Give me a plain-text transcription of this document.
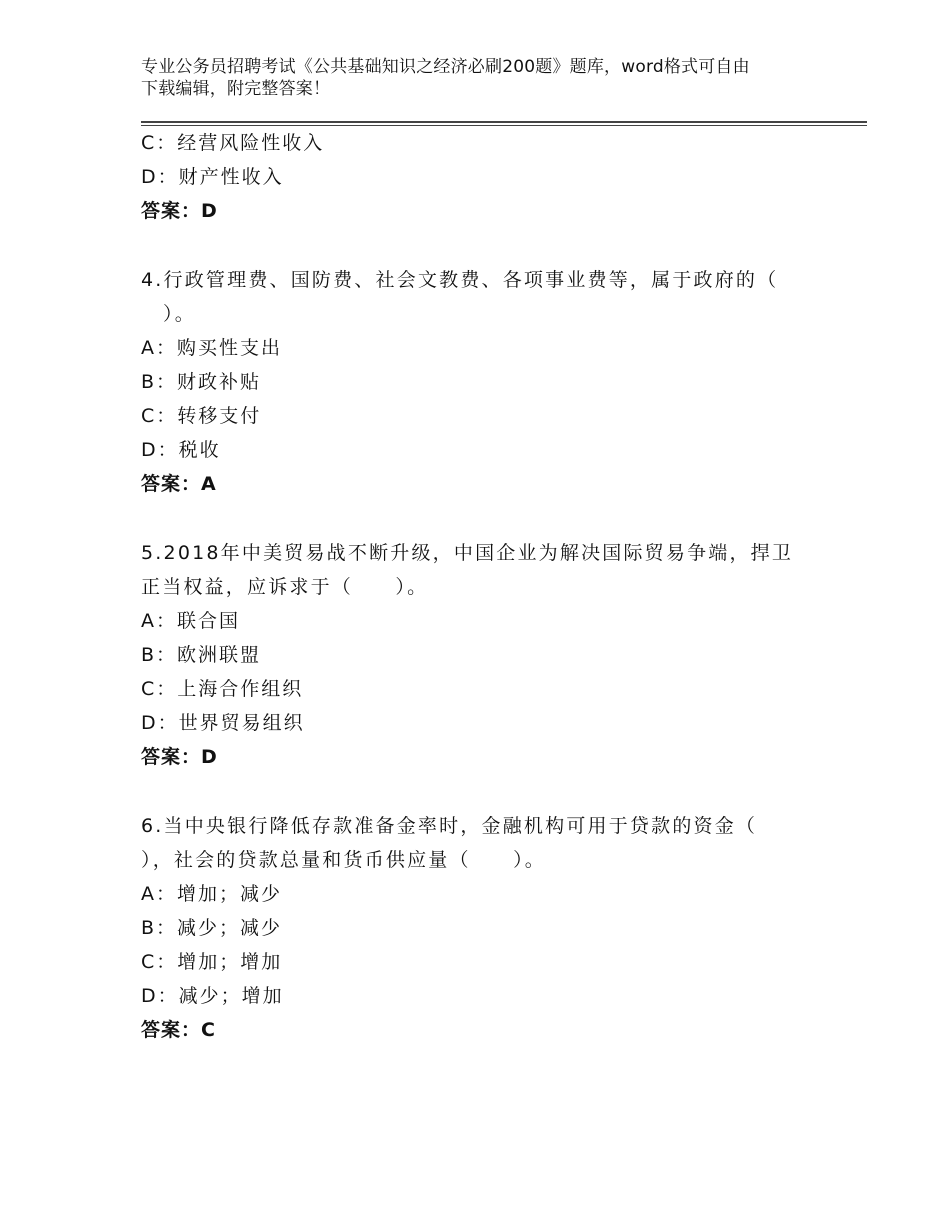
专业公务员招聘考试《公共基础知识之经济必刷200题》题库，word格式可自由
下载编辑，附完整答案！
C：经营风险性收入
D：财产性收入
答案：D
4.行政管理费、国防费、社会文教费、各项事业费等，属于政府的（
）。
A：购买性支出
B：财政补贴
C：转移支付
D：税收
答案：A
5.2018年中美贸易战不断升级，中国企业为解决国际贸易争端，捍卫
正当权益，应诉求于（　　）。
A：联合国
B：欧洲联盟
C：上海合作组织
D：世界贸易组织
答案：D
6.当中央银行降低存款准备金率时，金融机构可用于贷款的资金（
），社会的贷款总量和货币供应量（　　）。
A：增加；减少
B：减少；减少
C：增加；增加
D：减少；增加
答案：C
